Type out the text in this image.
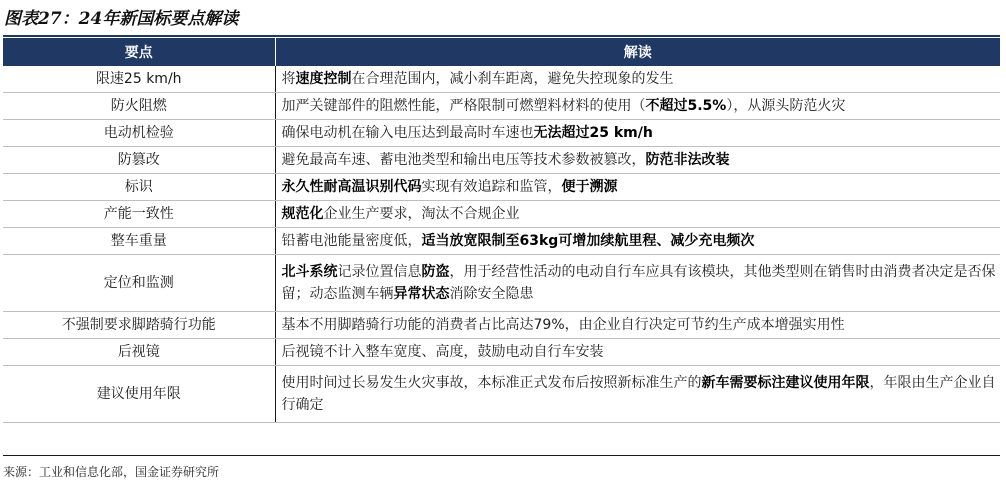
图表27：24年新国标要点解读
要点	解读
限速25 km/h	将速度控制在合理范围内，减小刹车距离，避免失控现象的发生
防火阻燃	加严关键部件的阻燃性能，严格限制可燃塑料材料的使用（不超过5.5%），从源头防范火灾
电动机检验	确保电动机在输入电压达到最高时车速也无法超过25 km/h
防篡改	避免最高车速、蓄电池类型和输出电压等技术参数被篡改，防范非法改装
标识	永久性耐高温识别代码实现有效追踪和监管，便于溯源
产能一致性	规范化企业生产要求，淘汰不合规企业
整车重量	铅蓄电池能量密度低，适当放宽限制至63kg可增加续航里程、减少充电频次
定位和监测	北斗系统记录位置信息防盗，用于经营性活动的电动自行车应具有该模块，其他类型则在销售时由消费者决定是否保留；动态监测车辆异常状态消除安全隐患
不强制要求脚踏骑行功能	基本不用脚踏骑行功能的消费者占比高达79%，由企业自行决定可节约生产成本增强实用性
后视镜	后视镜不计入整车宽度、高度，鼓励电动自行车安装
建议使用年限	使用时间过长易发生火灾事故，本标准正式发布后按照新标准生产的新车需要标注建议使用年限，年限由生产企业自行确定
来源：工业和信息化部，国金证券研究所
